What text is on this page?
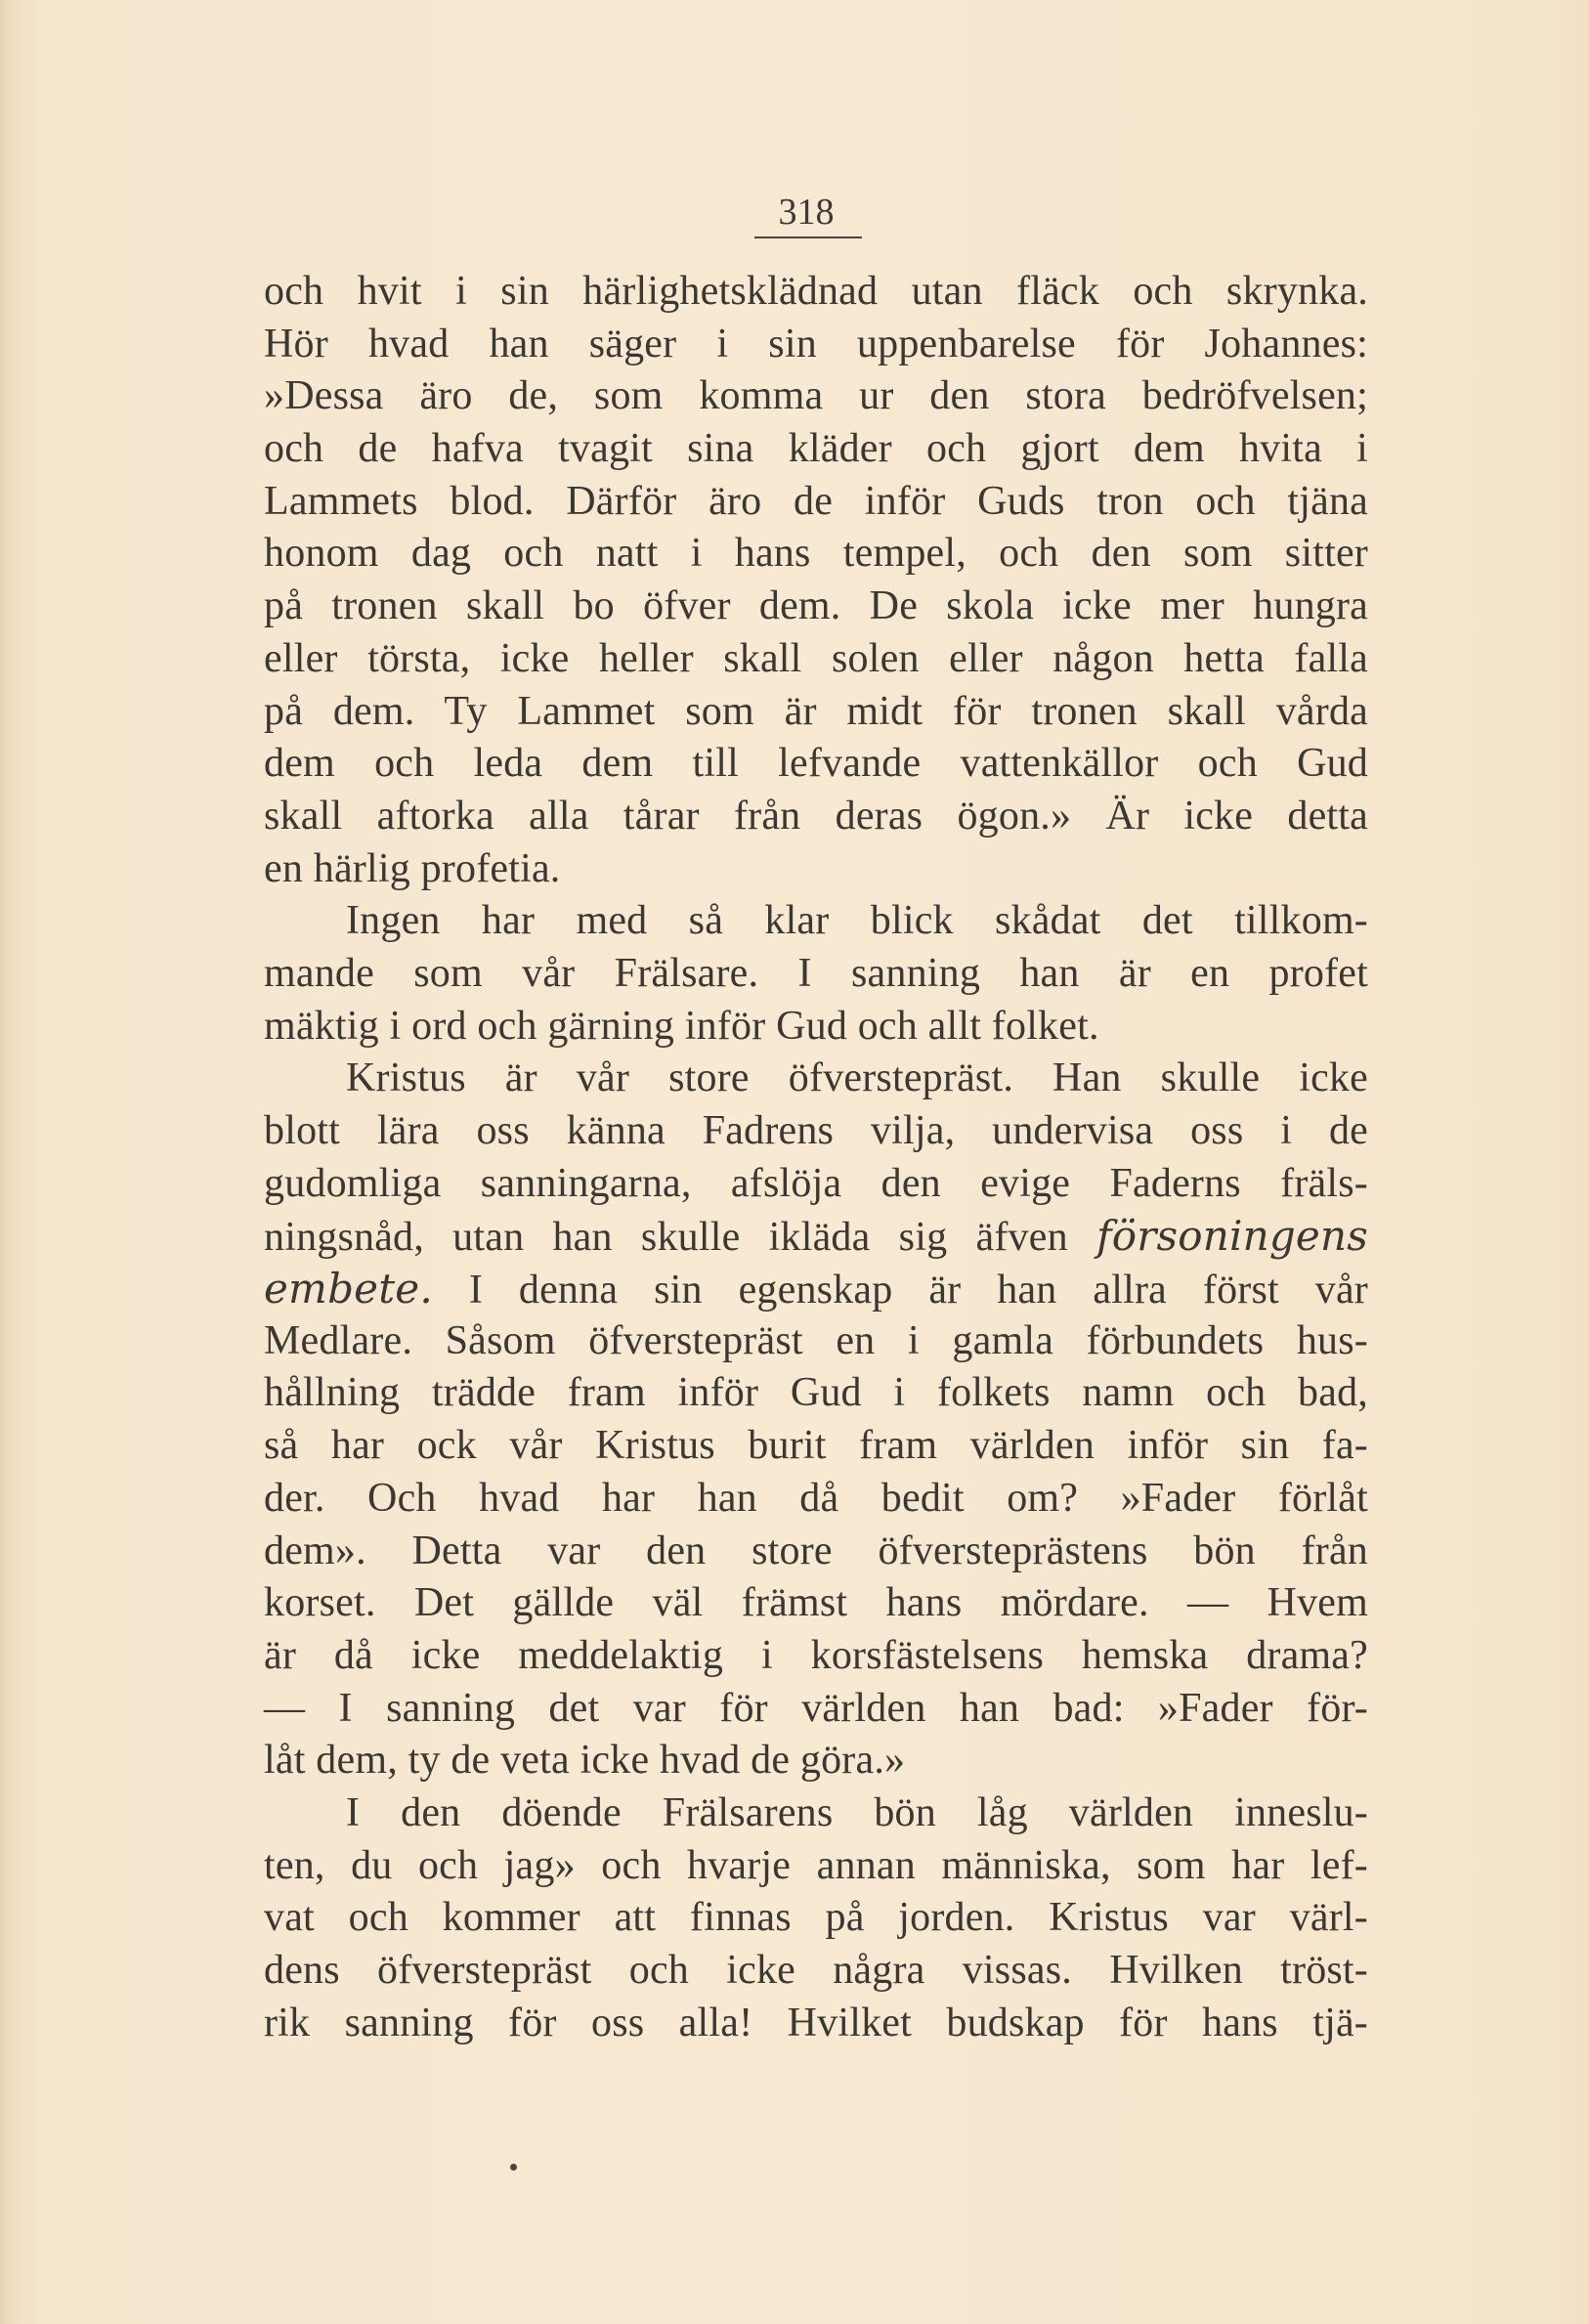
318
och hvit i sin härlighetsklädnad utan fläck och skrynka.
Hör hvad han säger i sin uppenbarelse för Johannes:
»Dessa äro de, som komma ur den stora bedröfvelsen;
och de hafva tvagit sina kläder och gjort dem hvita i
Lammets blod. Därför äro de inför Guds tron och tjäna
honom dag och natt i hans tempel, och den som sitter
på tronen skall bo öfver dem. De skola icke mer hungra
eller törsta, icke heller skall solen eller någon hetta falla
på dem. Ty Lammet som är midt för tronen skall vårda
dem och leda dem till lefvande vattenkällor och Gud
skall aftorka alla tårar från deras ögon.» Är icke detta
en härlig profetia.
Ingen har med så klar blick skådat det tillkom-
mande som vår Frälsare. I sanning han är en profet
mäktig i ord och gärning inför Gud och allt folket.
Kristus är vår store öfverstepräst. Han skulle icke
blott lära oss känna Fadrens vilja, undervisa oss i de
gudomliga sanningarna, afslöja den evige Faderns fräls-
ningsnåd, utan han skulle ikläda sig äfven försoningens
embete. I denna sin egenskap är han allra först vår
Medlare. Såsom öfverstepräst en i gamla förbundets hus-
hållning trädde fram inför Gud i folkets namn och bad,
så har ock vår Kristus burit fram världen inför sin fa-
der. Och hvad har han då bedit om? »Fader förlåt
dem». Detta var den store öfversteprästens bön från
korset. Det gällde väl främst hans mördare. — Hvem
är då icke meddelaktig i korsfästelsens hemska drama?
— I sanning det var för världen han bad: »Fader för-
låt dem, ty de veta icke hvad de göra.»
I den döende Frälsarens bön låg världen inneslu-
ten, du och jag» och hvarje annan människa, som har lef-
vat och kommer att finnas på jorden. Kristus var värl-
dens öfverstepräst och icke några vissas. Hvilken tröst-
rik sanning för oss alla! Hvilket budskap för hans tjä-
